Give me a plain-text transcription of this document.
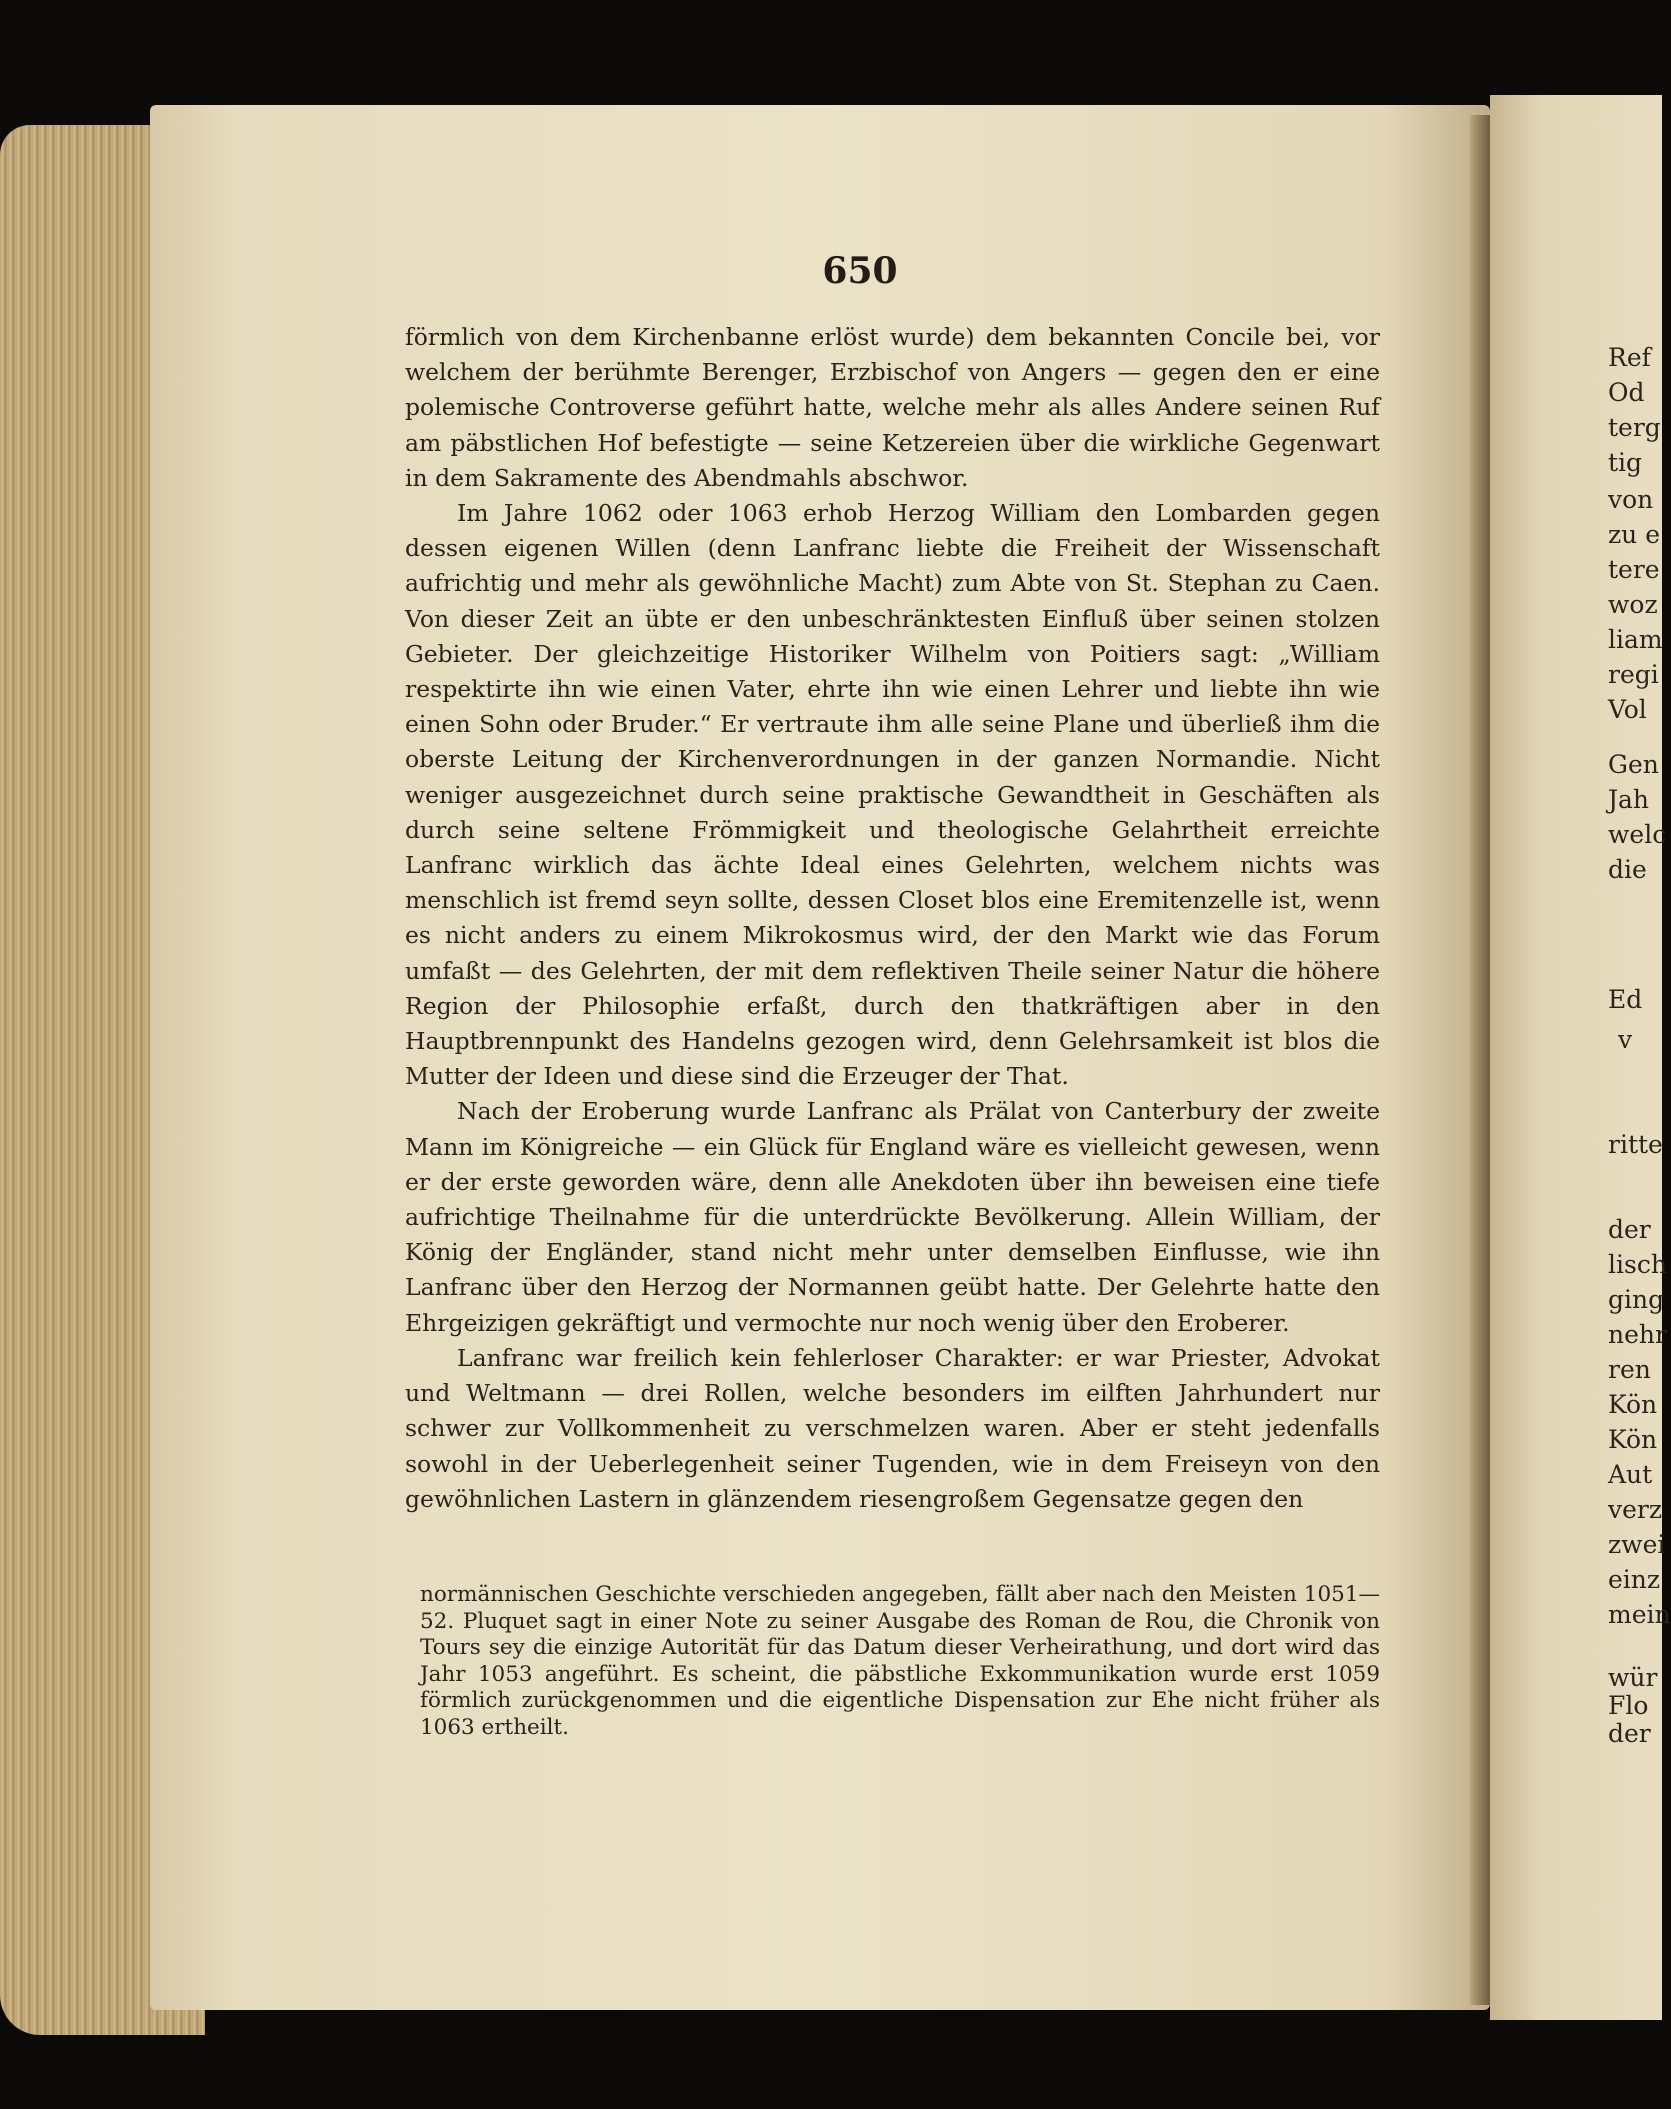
Ref
Od
terg
tig
von
zu e
tere
woz
liam
regi
Vol
Gen
Jah
welc
die
Ed
v
ritte
der
lisch
ging
nehr
ren
Kön
Kön
Aut
verz
zwei
einz
mein
wür
Flo
der
650

förmlich von dem Kirchenbanne erlöst wurde) dem bekannten Concile bei, vor welchem der berühmte Berenger, Erzbischof von Angers — gegen den er eine polemische Controverse geführt hatte, welche mehr als alles Andere seinen Ruf am päbstlichen Hof befestigte — seine Ketzereien über die wirkliche Gegenwart in dem Sakramente des Abendmahls abschwor.

Im Jahre 1062 oder 1063 erhob Herzog William den Lombarden gegen dessen eigenen Willen (denn Lanfranc liebte die Freiheit der Wissenschaft aufrichtig und mehr als gewöhnliche Macht) zum Abte von St. Stephan zu Caen. Von dieser Zeit an übte er den unbeschränktesten Einfluß über seinen stolzen Gebieter. Der gleichzeitige Historiker Wilhelm von Poitiers sagt: „William respektirte ihn wie einen Vater, ehrte ihn wie einen Lehrer und liebte ihn wie einen Sohn oder Bruder.“ Er vertraute ihm alle seine Plane und überließ ihm die oberste Leitung der Kirchenverordnungen in der ganzen Normandie. Nicht weniger ausgezeichnet durch seine praktische Gewandtheit in Geschäften als durch seine seltene Frömmigkeit und theologische Gelahrtheit erreichte Lanfranc wirklich das ächte Ideal eines Gelehrten, welchem nichts was menschlich ist fremd seyn sollte, dessen Closet blos eine Eremitenzelle ist, wenn es nicht anders zu einem Mikrokosmus wird, der den Markt wie das Forum umfaßt — des Gelehrten, der mit dem reflektiven Theile seiner Natur die höhere Region der Philosophie erfaßt, durch den thatkräftigen aber in den Hauptbrennpunkt des Handelns gezogen wird, denn Gelehrsamkeit ist blos die Mutter der Ideen und diese sind die Erzeuger der That.

Nach der Eroberung wurde Lanfranc als Prälat von Canterbury der zweite Mann im Königreiche — ein Glück für England wäre es vielleicht gewesen, wenn er der erste geworden wäre, denn alle Anekdoten über ihn beweisen eine tiefe aufrichtige Theilnahme für die unterdrückte Bevölkerung. Allein William, der König der Engländer, stand nicht mehr unter demselben Einflusse, wie ihn Lanfranc über den Herzog der Normannen geübt hatte. Der Gelehrte hatte den Ehrgeizigen gekräftigt und vermochte nur noch wenig über den Eroberer.

Lanfranc war freilich kein fehlerloser Charakter: er war Priester, Advokat und Weltmann — drei Rollen, welche besonders im eilften Jahrhundert nur schwer zur Vollkommenheit zu verschmelzen waren. Aber er steht jedenfalls sowohl in der Ueberlegenheit seiner Tugenden, wie in dem Freiseyn von den gewöhnlichen Lastern in glänzendem riesengroßem Gegensatze gegen den

normännischen Geschichte verschieden angegeben, fällt aber nach den Meisten 1051—52. Pluquet sagt in einer Note zu seiner Ausgabe des Roman de Rou, die Chronik von Tours sey die einzige Autorität für das Datum dieser Verheirathung, und dort wird das Jahr 1053 angeführt. Es scheint, die päbstliche Exkommunikation wurde erst 1059 förmlich zurückgenommen und die eigentliche Dispensation zur Ehe nicht früher als 1063 ertheilt.
